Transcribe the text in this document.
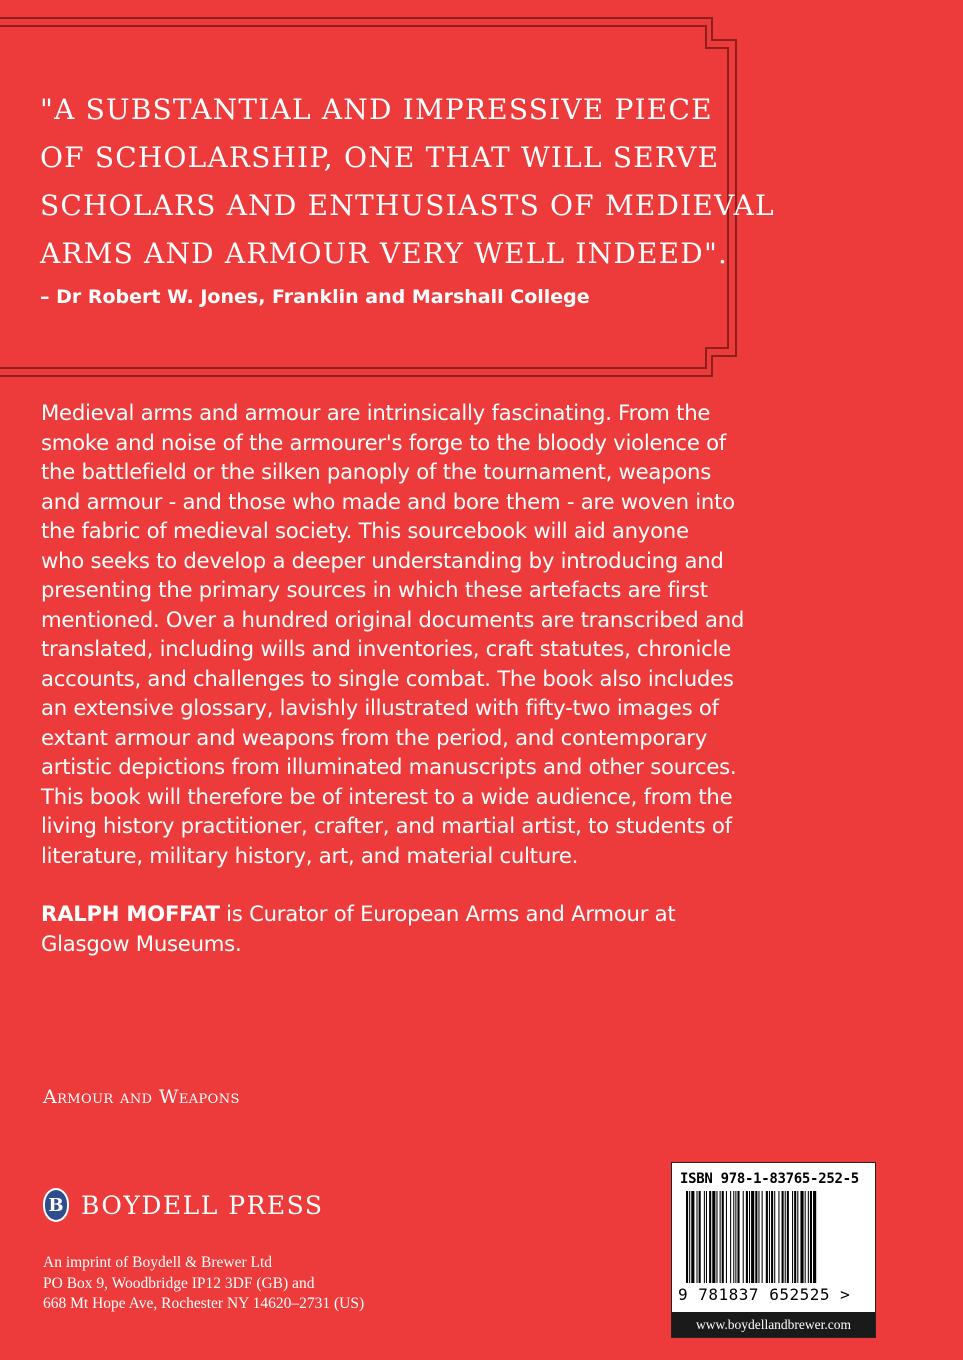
"A SUBSTANTIAL AND IMPRESSIVE PIECE
OF SCHOLARSHIP, ONE THAT WILL SERVE
SCHOLARS AND ENTHUSIASTS OF MEDIEVAL
ARMS AND ARMOUR VERY WELL INDEED".
– Dr Robert W. Jones, Franklin and Marshall College
Medieval arms and armour are intrinsically fascinating. From the
smoke and noise of the armourer's forge to the bloody violence of
the battlefield or the silken panoply of the tournament, weapons
and armour - and those who made and bore them - are woven into
the fabric of medieval society. This sourcebook will aid anyone
who seeks to develop a deeper understanding by introducing and
presenting the primary sources in which these artefacts are first
mentioned. Over a hundred original documents are transcribed and
translated, including wills and inventories, craft statutes, chronicle
accounts, and challenges to single combat. The book also includes
an extensive glossary, lavishly illustrated with fifty-two images of
extant armour and weapons from the period, and contemporary
artistic depictions from illuminated manuscripts and other sources.
This book will therefore be of interest to a wide audience, from the
living history practitioner, crafter, and martial artist, to students of
literature, military history, art, and material culture.
RALPH MOFFAT is Curator of European Arms and Armour at
Glasgow Museums.
Armour and Weapons
B BOYDELL PRESS
An imprint of Boydell & Brewer Ltd
PO Box 9, Woodbridge IP12 3DF (GB) and
668 Mt Hope Ave, Rochester NY 14620–2731 (US)
ISBN 978-1-83765-252-5
9 781837 652525 >
www.boydellandbrewer.com
